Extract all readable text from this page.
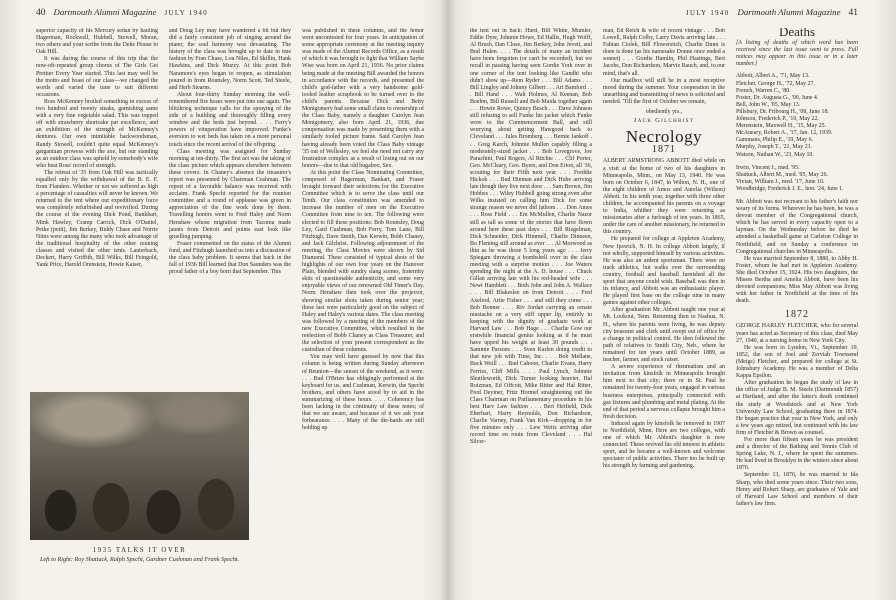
40 Dartmouth Alumni Magazine JULY 1940

superior capacity of his Mercury sedan by hauling Hagerman, Rockwell, Hubbell, Stowell, Moran, two others and your scribe from the Deke House to Oak Hill.

It was during the course of this trip that the now-oft-repeated group chorus of The Girls Get Prettier Every Year started. This last may well be the motto and boast of our class—we changed the words and varied the tune to suit different occasions.

Ross McKenney broiled something in excess of two hundred and twenty steaks, garnishing same with a very fine vegetable salad. This was topped off with strawberry shortcake par excellence, and an exhibition of the strength of McKenney's dentures. Our own inimitable backwoodsman, Randy Stowell, couldn't quite equal McKenney's gargantuan prowess with the axe, but our standing as an outdoor class was upheld by somebody's wife who beat Ross' record of strength.

The retreat of '35 from Oak Hill was tactically equalled only by the withdrawal of the B. E. F. from Flanders. Whether or not we suffered as high a percentage of casualties will never be known. We returned to the tent where our expeditionary force was completely refurbished and revivified. During the course of the evening Dick Pond, Bankhart, Mink Hawley, Cramp Carrick, Dick O'Daniel, Petke (petit), Jim Berkey, Biddy Chase and Norrie Nims were among the many who took advantage of the traditional hospitality of the other reuning classes and visited the other tents. Lauterbach, Deckert, Harry Griffith, Bill Wilks, Bill Feingold, Yank Price, Harold Orenstein, Howie Kaiser,

and Doug Ley may have wandered a bit but they did a fairly consistent job of singing around the piano; the soul harmony was devastating. The history of the class was brought up to date in true fashion by Fran Chase, Lou Niles, Ed Skillin, Hank Hawkins, and Dick Muzzy. At this point Bob Naramore's eyes began to reopen, as stimulation poured in from Rounsley, Norm Scott, Ted Steele, and Herb Stearns.

About four-thirty Sunday morning the well-remembered fire hoses were put into use again. The blitzkrieg technique calls for the spraying of the side of a building and thoroughly filling every window and the beds just beyond. . . . Ferry's powers of vituperation have improved. Funke's aversion to wet beds has taken on a more personal touch since the recent arrival of the offspring.

Class meeting was assigned for Sunday morning at ten-thirty. The first act was the taking of the class picture which appears elsewhere between these covers. In Chaney's absence the treasurer's report was presented by Chairman Cushman. The report of a favorable balance was received with acclaim. Frank Specht reported for the reunion committee and a round of applause was given in appreciation of the fine work done by them. Travelling honors went to Fred Haley and Norm Henshaw whose migration from Tacoma made jaunts from Detroit and points east look like gruelling jumping.

Fraser commented on the status of the Alumni fund, and Fitzhugh launched us into a discussion of the class baby problem. It seems that back in the fall of 1936 Bill learned that Don Saunders was the proud father of a boy born that September. This

was published in these columns, and the honor went uncontested for four years. In anticipation of some appropriate ceremony at the meeting inquiry was made of the Alumni Records Office, as a result of which it was brought to light that William Saybe Wise was born on April 21, 1936. No prior claims being made at the meeting Bill awarded the honors in accordance with the records, and presented the child's god-father with a very handsome gold-tooled leather scrapbook to be turned over to the child's parents. Because Dick and Betty Montgomery had some small claim to ownership of the Class Baby, namely a daughter Carolyn Jean Montgomery, also born April 21, 1936, due compensation was made by presenting them with a similarly tooled picture frame. Said Carolyn Jean having already been voted the Class Baby vintage '35 out of Wellesley, we feel she need not carry any frustration complex as a result of losing out on our honors—due to that old bugaboo, Sex.

At this point the Class Nominating Committee, composed of Hagerman, Bankart, and Fraser brought forward their selections for the Executive Committee which is to serve the class until our Tenth. Our class constitution was amended to increase the number of men on the Executive Committee from nine to ten. The following were elected to fill these positions: Bob Rounsley, Doug Ley, Gard Cushman, Bob Ferry, Tom Lane, Bill Fitzhugh, Dave Smith, Dan Kerwin, Bobb Chaney, and Jack Gilchrist. Following adjournment of the meeting, the Class Movies were shown by Sid Diamond. These consisted of typical shots of the highlights of our own four years on the Hanover Plain, blended with sundry slang scenes, fraternity skits of questionable authenticity, and some very enjoyable views of our renowned Old Timer's Day. Norm Henshaw then took over the projector, showing similar shots taken during senior year; these last were particularly good on the subject of Haley and Haley's various dates. The class meeting was followed by a meeting of the members of the new Executive Committee, which resulted in the reelection of Bobb Chaney as Class Treasurer, and the selection of your present correspondent as the custodian of these columns.

You may well have guessed by now that this column is being written during Sunday afternoon of Reunion—the sunset of the weekend, as it were. . . . Bud O'Brien has obligingly performed at the keyboard for us, and Cushman, Kerwin, the Specht brothers, and others have stood by to aid in the summarizing of these hours. . . . Coherency has been lacking in the continuity of these notes; of that we are aware, and because of it we ask your forbearance. . . . Many of the die-hards are still holding up

1935 TALKS IT OVER
Left to Right: Roy Shattuck, Ralph Specht, Gardner Cushman and Frank Specht.
JULY 1940 Dartmouth Alumni Magazine 41

the tent out in back: Hurd, Bill White, Mumler, Eddie Dyer, Johnnie Howe, Ed Hallis, Hugh Wolff, Al Brush, Dan Close, Jim Berkey, John Jevett, and Bud Hulen. . . . The details of many an incident have been forgotten (or can't be recorded), but we recall in passing having seen Gordie York over in one corner of the tent looking like Gandhi who didn't show up—Rem Ryder . . . Bill Adams . . . Bill Lingley and Johnny Gilbert . . . Art Bamford . . . Bill Hand . . . Walt Holmes, Al Keenan, Bob Boehm, Bill Russell and Bob Maida together again . . . Howie Rowe, Quincy Besch . . . Dave Johnson still refusing to sell Funke his jacket which Funke wore to the Commencement Ball, and still worrying about getting Hawgood back to Cleveland . . . Jules Bromberg . . . Bernie Jankoff . . . Greg Karch, Johnnie Mullen capably filling a moderately-sized jacket . . . Bob Lovegrove, Joe Parachini, Paul Rogers, Al Ritchie . . . Clif Porter, Geo. McCleary, Geo. Byers, and Don Erion, all '36, scouting for their Fifth next year . . . Freddie Hickok . . . Bud Hinman and Dick Hube arriving late though they live next door . . . Sam Brown, Jim Hobbes . . . Wiley Hubbell going strong even after Wilks insisted on calling him Dick for some strange reason we never did fathom . . . Don Ames . . . Ross Field . . . Em McMullen, Charlie Nazor still as tall as some of the stories that have flown around here these past days . . . Bill Riegelman, Dick Schneider, Dick Himmell, Charlie Dinneen, Bo Fleming still around as ever . . . Al Morwood as thin as he was those 5 long years ago . . . Jerry Spiegam throwing a bombshell over in the class meeting with a surprise motion . . . Joe Waters spending the night at the A. D. house . . . Chuck Gillan arriving late with his red-headed wife . . . Newt Hamblett . . . Both John and John A. Wallace . . . Bill Blakeslee on from Detroit . . . Fred Axelrod, Artie Fisher . . . and still they come . . . Bob Bonner . . . Riv Jordan carrying an ornate mustache on a very stiff upper lip, entirely in keeping with the dignity of graduate work at Harvard Law . . . Bob Hage . . . Charlie Gow our erstwhile financial genius looking as if he must have upped his weight at least 30 pounds . . . Sammie Parsons . . . Sven Karlen doing credit to that new job with Time, Inc. . . . Bob Mellane, Buck Weill . . . Bud Cahoon, Charlie Evans, Harry Ferries, Cliff Mills . . . Paul Lynch, Johnnie Shuttleworth, Dick Turner looking heavier, Hal Roizman, Ed Offcott, Mike Ritter and Hal Ritter, Fred Deyiner, Fritz Hormel straightening out the Class Chairman on Parliamentary procedure in his best Harv Law fashion . . . Bert Hetfield, Dick Eberhart, Harry Reynolds, Don Richardson, Charlie Varney, Frank Van Kirk—dropping in for five minutes only . . . Lew Weitz arriving after record time en route from Cleveland . . . Hal Silver-

man, Ed Reich & wife of recent vintage . . . Bob Lowell, Ralph Colby, Larry Davis arriving late . . . Fabian Ciolek, Bill Flowersitch, Charlie Dunn is done is done (as his namesake Donne once ended a sonnet) . . . Gordie Hamlin, Phil Hastings, Bert Jacobs, Don Richardson, Marvie Rauch, and, to our mind, that's all.

Our mailbox will still be in a most receptive mood during the summer. Your cooperation in the unearthing and transmitting of news is solicited and needed. 'Till the first of October we remain,

obediently yrs.,
Jack Gilchrist
Necrology
1871

ALBERT ARMSTRONG ABBOTT died while on a visit at the home of two of his daughters in Minneapolis, Minn., on May 13, 1940. He was born on October 6, 1847, in Wilton, N. H., one of the eight children of Amos and Aurelia (Wilson) Abbott. In his tenth year, together with three other children, he accompanied his parents on a voyage to India, whither they were returning as missionaries after a furlough of ten years. In 1865, under the care of another missionary, he returned to this country.

He prepared for college at Appleton Academy, New Ipswich, N. H. In college Abbott largely, if not wholly, supported himself by various activities. He was also an ardent sportsman. There were no track athletics, but walks over the surrounding country, football and baseball furnished all the sport that anyone could wish. Baseball was then in its infancy, and Abbott was an enthusiastic player. He played first base on the college nine in many games against other colleges.

After graduation Mr. Abbott taught one year at Mt. Lookout, Tenn. Returning then to Nashua, N. H., where his parents were living, he was deputy city treasurer and clerk until swept out of office by a change in political control. He then followed the path of relatives to Smith City, Neb., where he remained for ten years until October 1889, as teacher, farmer, and stock raiser.

A severe experience of rheumatism and an invitation from kinsfolk in Minneapolis brought him next to that city; there or in St. Paul he remained for twenty-four years, engaged in various business enterprises, principally connected with gas fixtures and plumbing and metal plating. At the end of that period a nervous collapse brought him a fresh decision.

Induced again by kinsfolk he removed in 1907 to Northfield, Minn. Here are two colleges, with one of which Mr. Abbott's daughter is now connected. These revived his old interest in athletic sport, and he became a well-known and welcome spectator of public activities. There too he built up his strength by farming and gardening.

Deaths

[A listing of deaths of which word has been received since the last issue went to press. Full notices may appear in this issue or in a later number.]

Abbott, Albert A., '71, May 13.
Fletcher, George H., '72, May 27.
French, Warren C., '80.
Foster, Dr. Augusta G., '00, June 4.
Bell, John W., '05, May 13.
Pillsbury, Dr. Fribourg H., '08, June 18.
Johnson, Frederick P., '10, May 22.
Merenstein, Maxwell H., '15, May 25.
McAneary, Robert A., '17, Jan. 12, 1939.
Gammans, Philip E., '19, May 6.
Murphy, Joseph T., '21, May 21.
Watson, Nathan W., '23, May 10.
Irwin, Vincent J., med. '95.
Shattuck, Albert M., med. '95, May 26.
Vivian, William J., med. '17, June 10.
Woodbridge, Frederick J. E., hon. '24, June 1.

Mr. Abbott was not recreant to his father's faith nor weary of its forms. Wherever he has been, he was a devout member of the Congregational church, which he has served in every capacity open to a layman. On the Wednesday before he died he attended a basketball game at Carleton College in Northfield, and on Sunday a conference on Congregational churches in Minneapolis.

He was married September 8, 1880, to Abby H. Foster, whom he had met in Appleton Academy. She died October 15, 1924. His two daughters, the Misses Bertha and Amelia Abbott, have been his devoted companions; Miss May Abbott was living with her father in Northfield at the time of his death.

1872

GEORGE HARLEY FLETCHER, who for several years has acted as Secretary of this class, died May 27, 1940, at a nursing home in New York City.

He was born in Lyndon, Vt., September 19, 1852, the son of Joel and Zerviah Townsend (Meigs) Fletcher, and prepared for college at St. Johnsbury Academy. He was a member of Delta Kappa Epsilon.

After graduation he began the study of law in the office of Judge B. M. Steele (Dartmouth 1857) at Hartland, and after the latter's death continued the study at Woodstock and at New York University Law School, graduating there in 1874. He began practice that year in New York, and only a few years ago retired, but continued with his law firm of Fletcher & Brown as counsel.

For more than fifteen years he was president and a director of the Bathing and Tennis Club of Spring Lake, N. J., where he spent the summers. He had lived in Brooklyn in the winters since about 1876.

September 13, 1876, he was married to Ida Sharp, who died some years since. Their two sons, Henry and Robert Sharp, are graduates of Yale and of Harvard Law School and members of their father's law firm.
